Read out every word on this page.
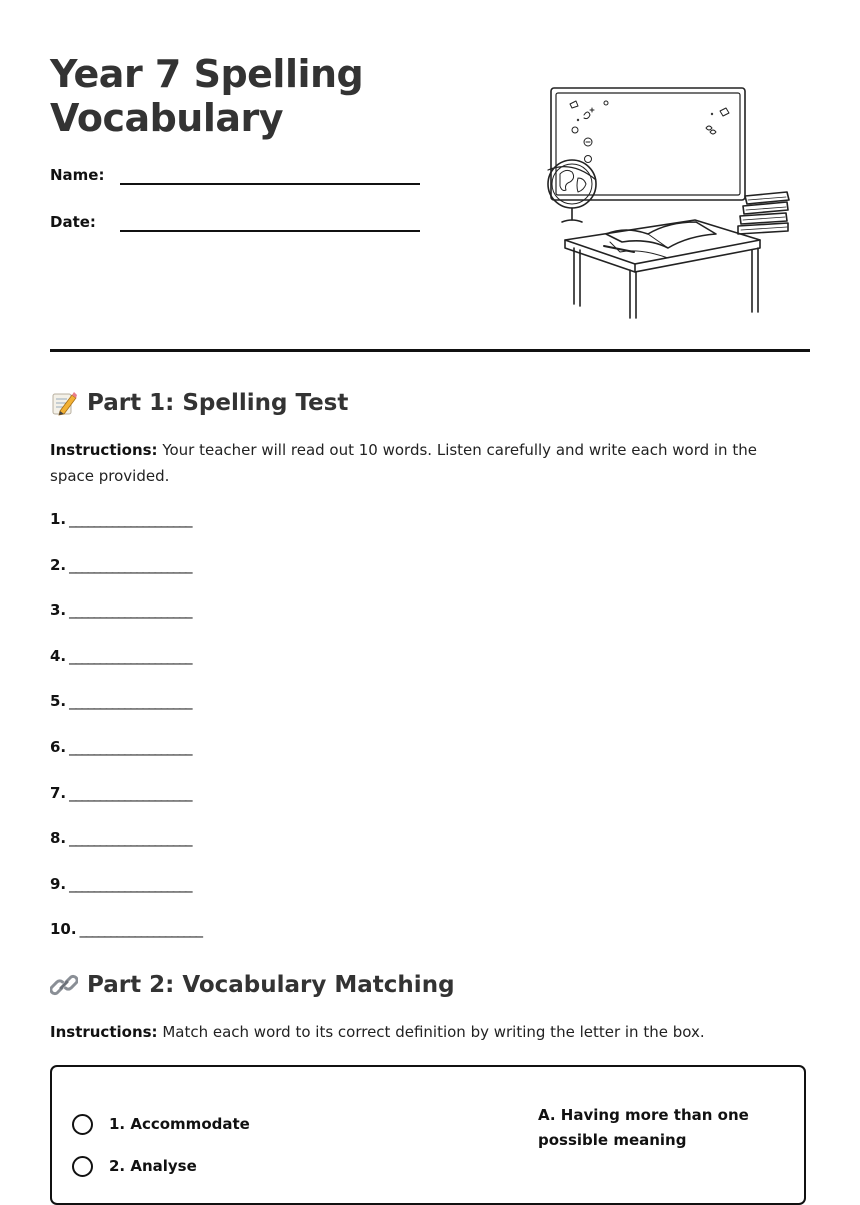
Year 7 Spelling
Vocabulary
Name:
Date:
Part 1: Spelling Test
Instructions: Your teacher will read out 10 words. Listen carefully and write each word in the space provided.
1. ____________________
2. ____________________
3. ____________________
4. ____________________
5. ____________________
6. ____________________
7. ____________________
8. ____________________
9. ____________________
10. ____________________
Part 2: Vocabulary Matching
Instructions: Match each word to its correct definition by writing the letter in the box.
1. Accommodate
2. Analyse
A. Having more than one possible meaning
